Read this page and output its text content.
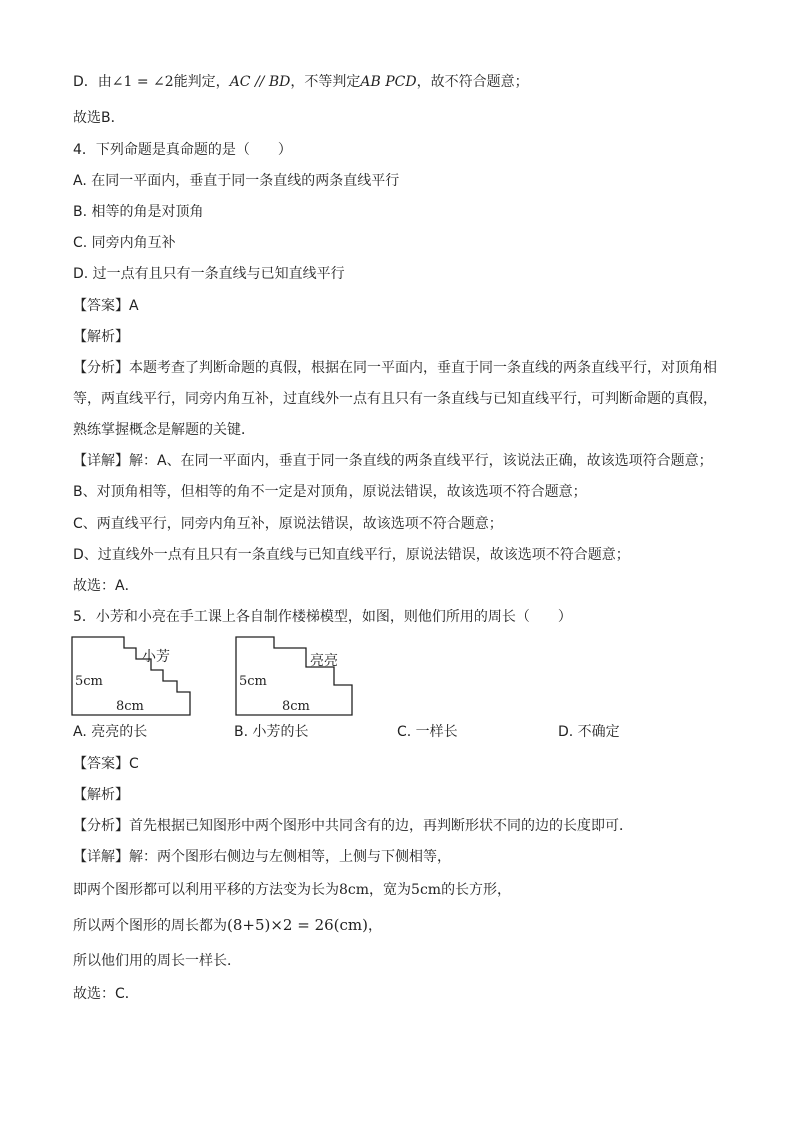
D．由∠1 = ∠2能判定，AC // BD，不等判定AB PCD，故不符合题意；
故选B．
4．下列命题是真命题的是（　　）
A. 在同一平面内，垂直于同一条直线的两条直线平行
B. 相等的角是对顶角
C. 同旁内角互补
D. 过一点有且只有一条直线与已知直线平行
【答案】A
【解析】
【分析】本题考查了判断命题的真假，根据在同一平面内，垂直于同一条直线的两条直线平行，对顶角相
等，两直线平行，同旁内角互补，过直线外一点有且只有一条直线与已知直线平行，可判断命题的真假，
熟练掌握概念是解题的关键．
【详解】解：A、在同一平面内，垂直于同一条直线的两条直线平行，该说法正确，故该选项符合题意；
B、对顶角相等，但相等的角不一定是对顶角，原说法错误，故该选项不符合题意；
C、两直线平行，同旁内角互补，原说法错误，故该选项不符合题意；
D、过直线外一点有且只有一条直线与已知直线平行，原说法错误，故该选项不符合题意；
故选：A．
5．小芳和小亮在手工课上各自制作楼梯模型，如图，则他们所用的周长（　　）
小芳
5cm
8cm
亮亮
5cm
8cm
A. 亮亮的长	B. 小芳的长	C. 一样长	D. 不确定
【答案】C
【解析】
【分析】首先根据已知图形中两个图形中共同含有的边，再判断形状不同的边的长度即可．
【详解】解：两个图形右侧边与左侧相等，上侧与下侧相等，
即两个图形都可以利用平移的方法变为长为8cm，宽为5cm的长方形，
所以两个图形的周长都为(8+5)×2 = 26(cm)，
所以他们用的周长一样长．
故选：C．
